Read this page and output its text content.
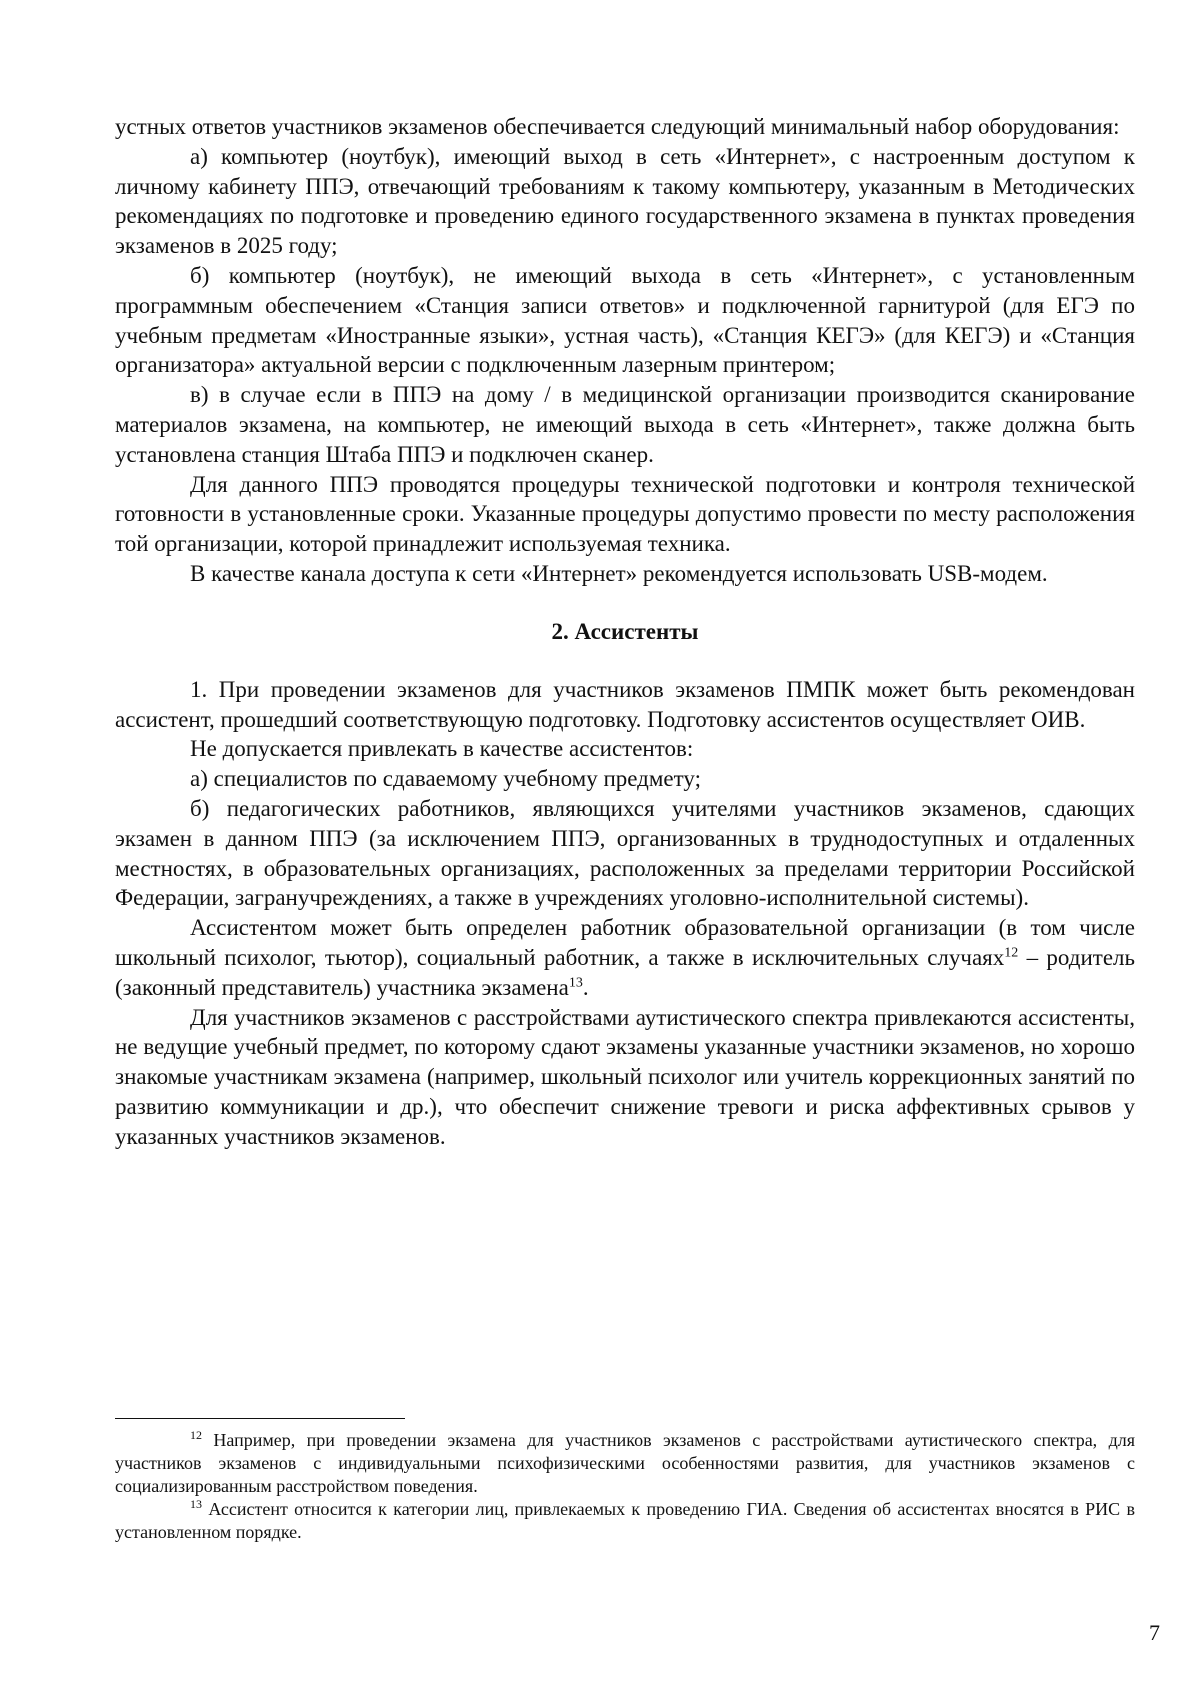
устных ответов участников экзаменов обеспечивается следующий минимальный набор оборудования:

а) компьютер (ноутбук), имеющий выход в сеть «Интернет», с настроенным доступом к личному кабинету ППЭ, отвечающий требованиям к такому компьютеру, указанным в Методических рекомендациях по подготовке и проведению единого государственного экзамена в пунктах проведения экзаменов в 2025 году;

б) компьютер (ноутбук), не имеющий выхода в сеть «Интернет», с установленным программным обеспечением «Станция записи ответов» и подключенной гарнитурой (для ЕГЭ по учебным предметам «Иностранные языки», устная часть), «Станция КЕГЭ» (для КЕГЭ) и «Станция организатора» актуальной версии с подключенным лазерным принтером;

в) в случае если в ППЭ на дому / в медицинской организации производится сканирование материалов экзамена, на компьютер, не имеющий выхода в сеть «Интернет», также должна быть установлена станция Штаба ППЭ и подключен сканер.

Для данного ППЭ проводятся процедуры технической подготовки и контроля технической готовности в установленные сроки. Указанные процедуры допустимо провести по месту расположения той организации, которой принадлежит используемая техника.

В качестве канала доступа к сети «Интернет» рекомендуется использовать USB-модем.

2. Ассистенты

1. При проведении экзаменов для участников экзаменов ПМПК может быть рекомендован ассистент, прошедший соответствующую подготовку. Подготовку ассистентов осуществляет ОИВ.

Не допускается привлекать в качестве ассистентов:

а) специалистов по сдаваемому учебному предмету;

б) педагогических работников, являющихся учителями участников экзаменов, сдающих экзамен в данном ППЭ (за исключением ППЭ, организованных в труднодоступных и отдаленных местностях, в образовательных организациях, расположенных за пределами территории Российской Федерации, загранучреждениях, а также в учреждениях уголовно-исполнительной системы).

Ассистентом может быть определен работник образовательной организации (в том числе школьный психолог, тьютор), социальный работник, а также в исключительных случаях$^{12}$ – родитель (законный представитель) участника экзамена$^{13}$.

Для участников экзаменов с расстройствами аутистического спектра привлекаются ассистенты, не ведущие учебный предмет, по которому сдают экзамены указанные участники экзаменов, но хорошо знакомые участникам экзамена (например, школьный психолог или учитель коррекционных занятий по развитию коммуникации и др.), что обеспечит снижение тревоги и риска аффективных срывов у указанных участников экзаменов.

$^{12}$ Например, при проведении экзамена для участников экзаменов с расстройствами аутистического спектра, для участников экзаменов с индивидуальными психофизическими особенностями развития, для участников экзаменов с социализированным расстройством поведения.

$^{13}$ Ассистент относится к категории лиц, привлекаемых к проведению ГИА. Сведения об ассистентах вносятся в РИС в установленном порядке.

7
